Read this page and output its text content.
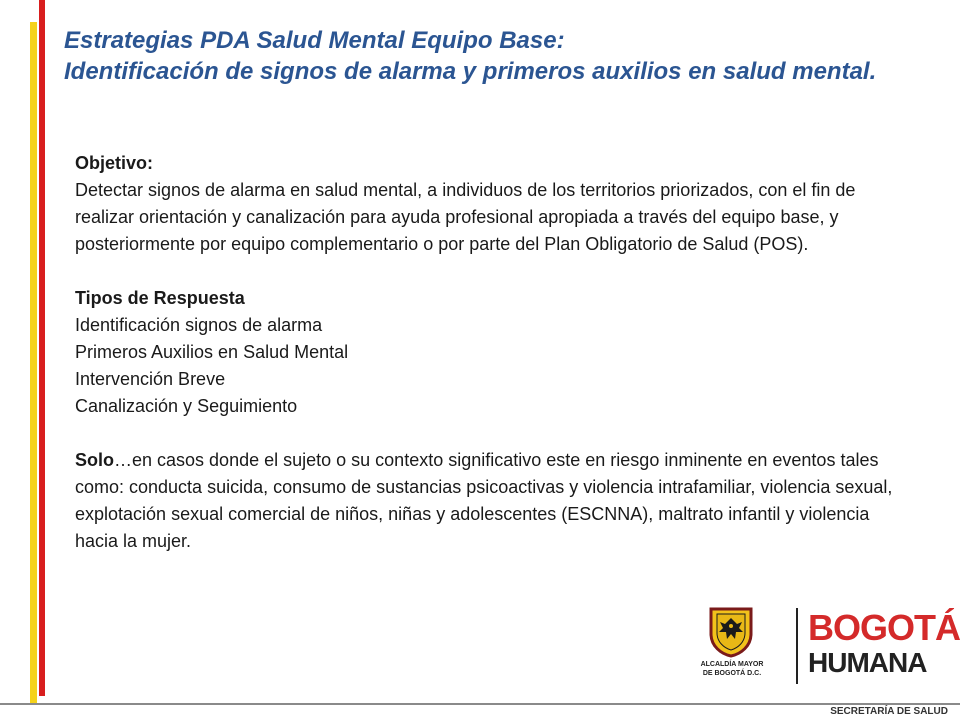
Estrategias PDA Salud Mental Equipo Base:
Identificación de signos de alarma y primeros auxilios en salud mental.

Objetivo:

Detectar signos de alarma en salud mental, a individuos de los territorios priorizados, con el fin de realizar orientación y canalización para ayuda profesional apropiada a través del equipo base, y posteriormente por equipo complementario o por parte del Plan Obligatorio de Salud (POS).

Tipos de Respuesta

Identificación signos de alarma

Primeros Auxilios en Salud Mental

Intervención Breve

Canalización y Seguimiento

Solo…en casos donde el sujeto o su contexto significativo este en riesgo inminente en eventos tales como: conducta suicida, consumo de sustancias psicoactivas y violencia intrafamiliar, violencia sexual, explotación sexual comercial de niños, niñas y adolescentes (ESCNNA), maltrato infantil y violencia hacia la mujer.

ALCALDÍA MAYOR
DE BOGOTÁ D.C.
BOGOTÁ
HUMANA
SECRETARÍA DE SALUD
